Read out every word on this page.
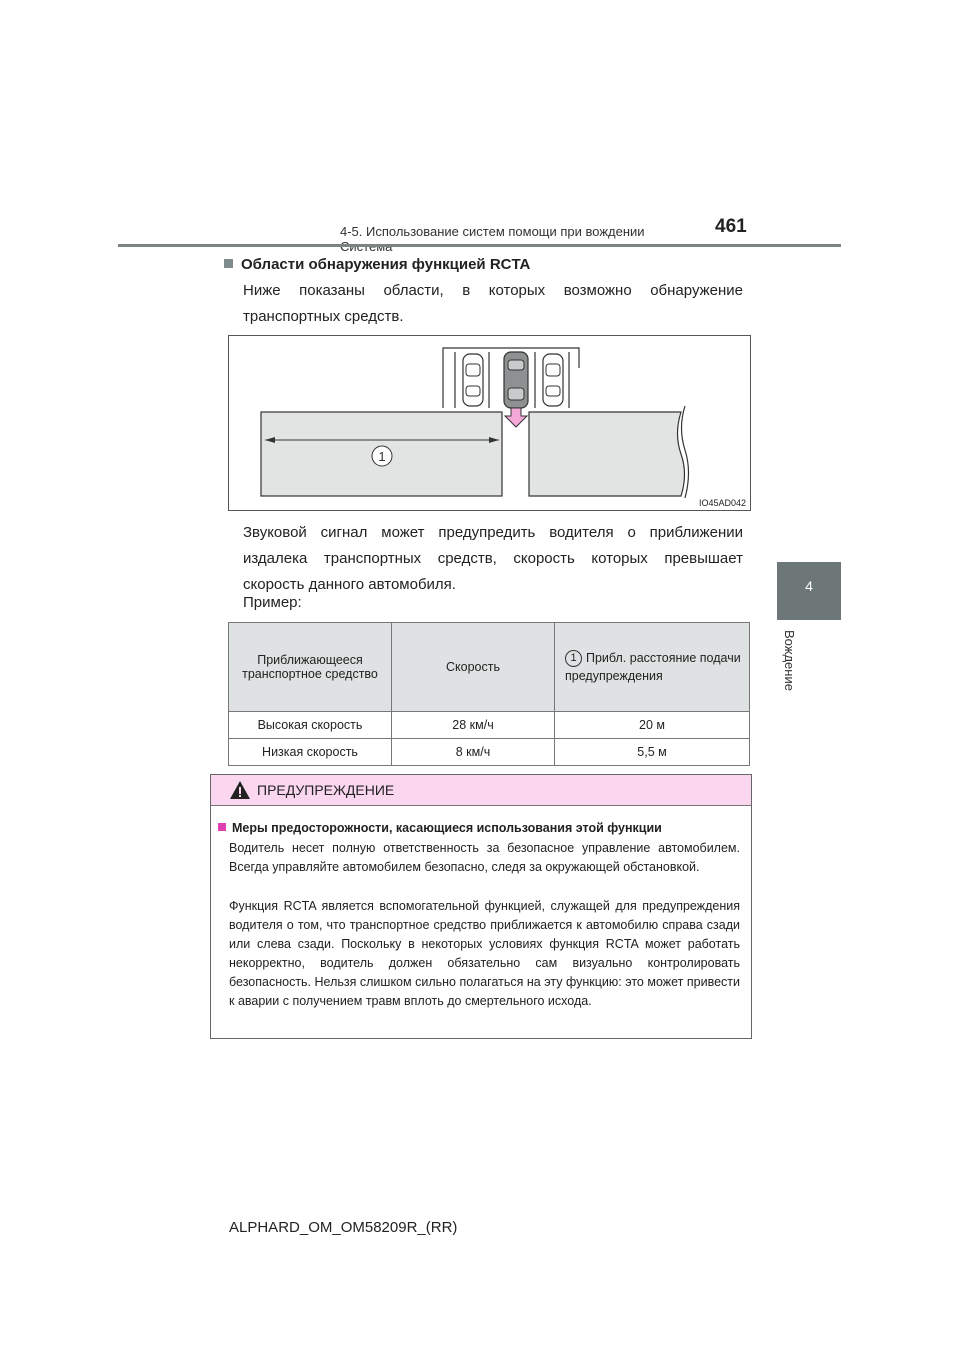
4-5. Использование систем помощи при вождении	461
4
Вождение
Области обнаружения функцией RCTA
Ниже показаны области, в которых возможно обнаружение транспортных средств.
1
IO45AD042
Звуковой сигнал может предупредить водителя о приближении издалека транспортных средств, скорость которых превышает скорость данного автомобиля.
Пример:
Приближающееся транспортное средство	Скорость	1 Прибл. расстояние подачи предупреждения
Высокая скорость	28 км/ч	20 м
Низкая скорость	8 км/ч	5,5 м
ПРЕДУПРЕЖДЕНИЕ
Меры предосторожности, касающиеся использования этой функции
Водитель несет полную ответственность за безопасное управление автомобилем. Всегда управляйте автомобилем безопасно, следя за окружающей обстановкой.
Функция RCTA является вспомогательной функцией, служащей для предупреждения водителя о том, что транспортное средство приближается к автомобилю справа сзади или слева сзади. Поскольку в некоторых условиях функция RCTA может работать некорректно, водитель должен обязательно сам визуально контролировать безопасность. Нельзя слишком сильно полагаться на эту функцию: это может привести к аварии с получением травм вплоть до смертельного исхода.
ALPHARD_OM_OM58209R_(RR)
